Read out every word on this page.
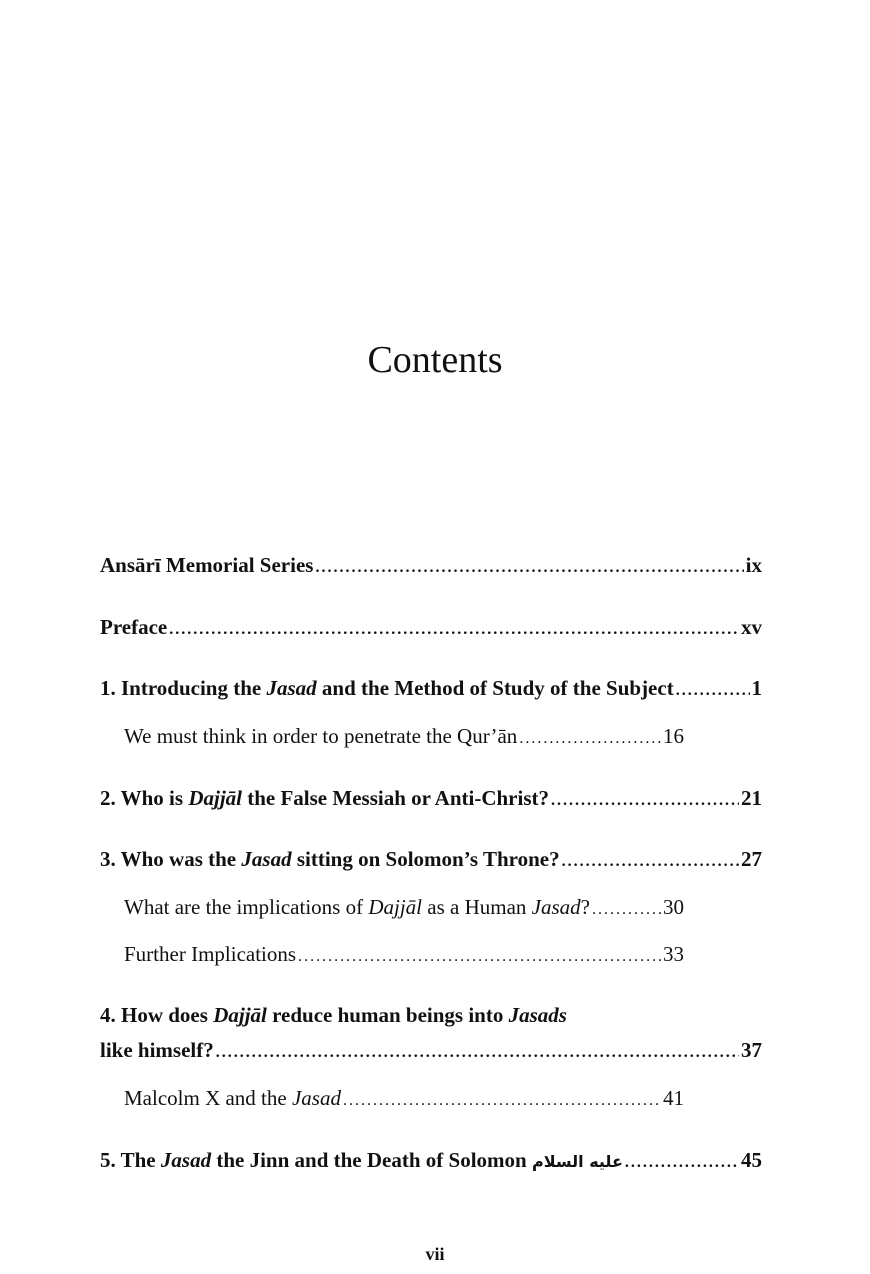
Contents
Ansārī Memorial Series . . .	ix
Preface . . .	xv
1. Introducing the Jasad and the Method of Study of the Subject . . .	1
We must think in order to penetrate the Qur’ān . . .	16
2. Who is Dajjāl the False Messiah or Anti-Christ? . . .	21
3. Who was the Jasad sitting on Solomon’s Throne? . . .	27
What are the implications of Dajjāl as a Human Jasad? . . .	30
Further Implications . . .	33
4. How does Dajjāl reduce human beings into Jasads
like himself? . . .	37
Malcolm X and the Jasad . . .	41
5. The Jasad the Jinn and the Death of Solomon عليه السلام . . .	45
vii
